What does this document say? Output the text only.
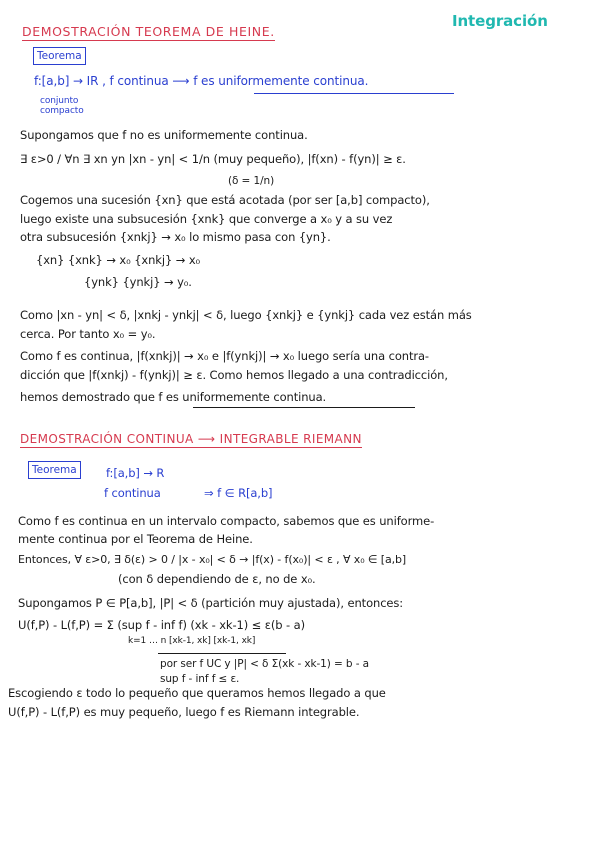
DEMOSTRACIÓN TEOREMA DE HEINE.
Integración
Teorema
f:[a,b] → IR , f continua ⟶ f es uniformemente continua.
conjunto compacto
Supongamos que f no es uniformemente continua.
∃ ε>0 / ∀n ∃ xn yn |xn - yn| < 1/n (muy pequeño), |f(xn) - f(yn)| ≥ ε.
(δ = 1/n)
Cogemos una sucesión {xn} que está acotada (por ser [a,b] compacto),
luego existe una subsucesión {xnk} que converge a x₀ y a su vez
otra subsucesión {xnkj} → x₀ lo mismo pasa con {yn}.
{xn} {xnk} → x₀ {xnkj} → x₀
{ynk} {ynkj} → y₀.
Como |xn - yn| < δ, |xnkj - ynkj| < δ, luego {xnkj} e {ynkj} cada vez están más
cerca. Por tanto x₀ = y₀.
Como f es continua, |f(xnkj)| → x₀ e |f(ynkj)| → x₀ luego sería una contra-
dicción que |f(xnkj) - f(ynkj)| ≥ ε. Como hemos llegado a una contradicción,
hemos demostrado que f es uniformemente continua.
DEMOSTRACIÓN CONTINUA ⟶ INTEGRABLE RIEMANN
Teorema	f:[a,b] → R
f continua	⇒ f ∈ R[a,b]
Como f es continua en un intervalo compacto, sabemos que es uniforme-
mente continua por el Teorema de Heine.
Entonces, ∀ ε>0, ∃ δ(ε) > 0 / |x - x₀| < δ → |f(x) - f(x₀)| < ε , ∀ x₀ ∈ [a,b]
(con δ dependiendo de ε, no de x₀.
Supongamos P ∈ P[a,b], |P| < δ (partición muy ajustada), entonces:
U(f,P) - L(f,P) = Σ (sup f - inf f) (xk - xk-1) ≤ ε(b - a)
k=1 … n [xk-1, xk] [xk-1, xk]
por ser f UC y |P| < δ Σ(xk - xk-1) = b - a
sup f - inf f ≤ ε.
Escogiendo ε todo lo pequeño que queramos hemos llegado a que
U(f,P) - L(f,P) es muy pequeño, luego f es Riemann integrable.
